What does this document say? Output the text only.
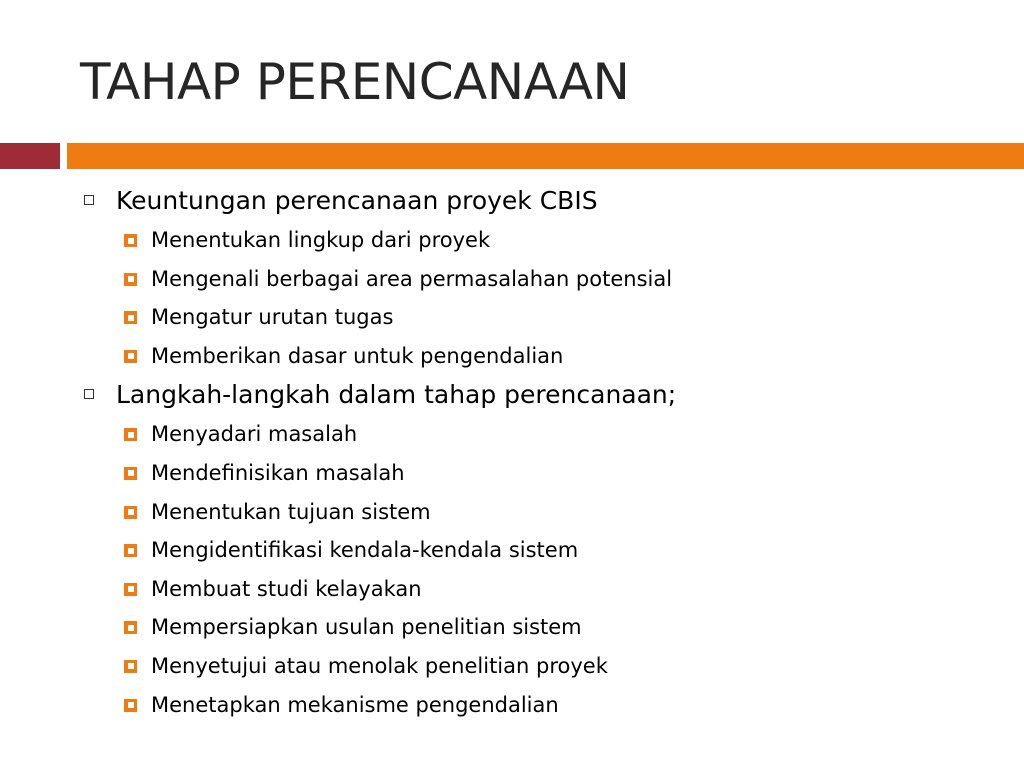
TAHAP PERENCANAAN
Keuntungan perencanaan proyek CBIS
Menentukan lingkup dari proyek
Mengenali berbagai area permasalahan potensial
Mengatur urutan tugas
Memberikan dasar untuk pengendalian
Langkah-langkah dalam tahap perencanaan;
Menyadari masalah
Mendefinisikan masalah
Menentukan tujuan sistem
Mengidentifikasi kendala-kendala sistem
Membuat studi kelayakan
Mempersiapkan usulan penelitian sistem
Menyetujui atau menolak penelitian proyek
Menetapkan mekanisme pengendalian
